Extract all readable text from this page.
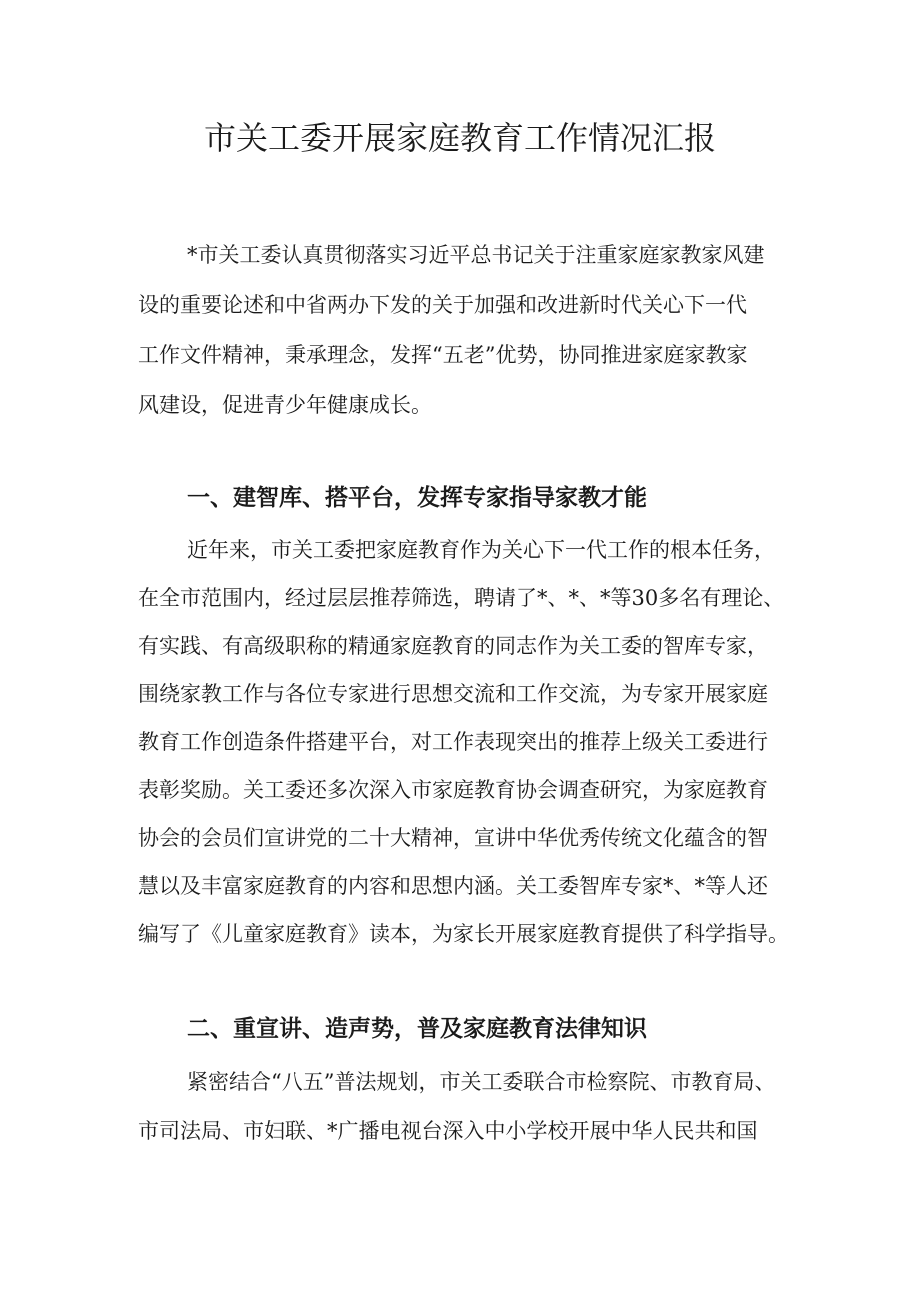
市关工委开展家庭教育工作情况汇报

*市关工委认真贯彻落实习近平总书记关于注重家庭家教家风建

设的重要论述和中省两办下发的关于加强和改进新时代关心下一代

工作文件精神，秉承理念，发挥“五老”优势，协同推进家庭家教家

风建设，促进青少年健康成长。

一、建智库、搭平台，发挥专家指导家教才能

近年来，市关工委把家庭教育作为关心下一代工作的根本任务，

在全市范围内，经过层层推荐筛选，聘请了*、*、*等30多名有理论、

有实践、有高级职称的精通家庭教育的同志作为关工委的智库专家，

围绕家教工作与各位专家进行思想交流和工作交流，为专家开展家庭

教育工作创造条件搭建平台，对工作表现突出的推荐上级关工委进行

表彰奖励。关工委还多次深入市家庭教育协会调查研究，为家庭教育

协会的会员们宣讲党的二十大精神，宣讲中华优秀传统文化蕴含的智

慧以及丰富家庭教育的内容和思想内涵。关工委智库专家*、*等人还

编写了《儿童家庭教育》读本，为家长开展家庭教育提供了科学指导。

二、重宣讲、造声势，普及家庭教育法律知识

紧密结合“八五”普法规划，市关工委联合市检察院、市教育局、

市司法局、市妇联、*广播电视台深入中小学校开展中华人民共和国
